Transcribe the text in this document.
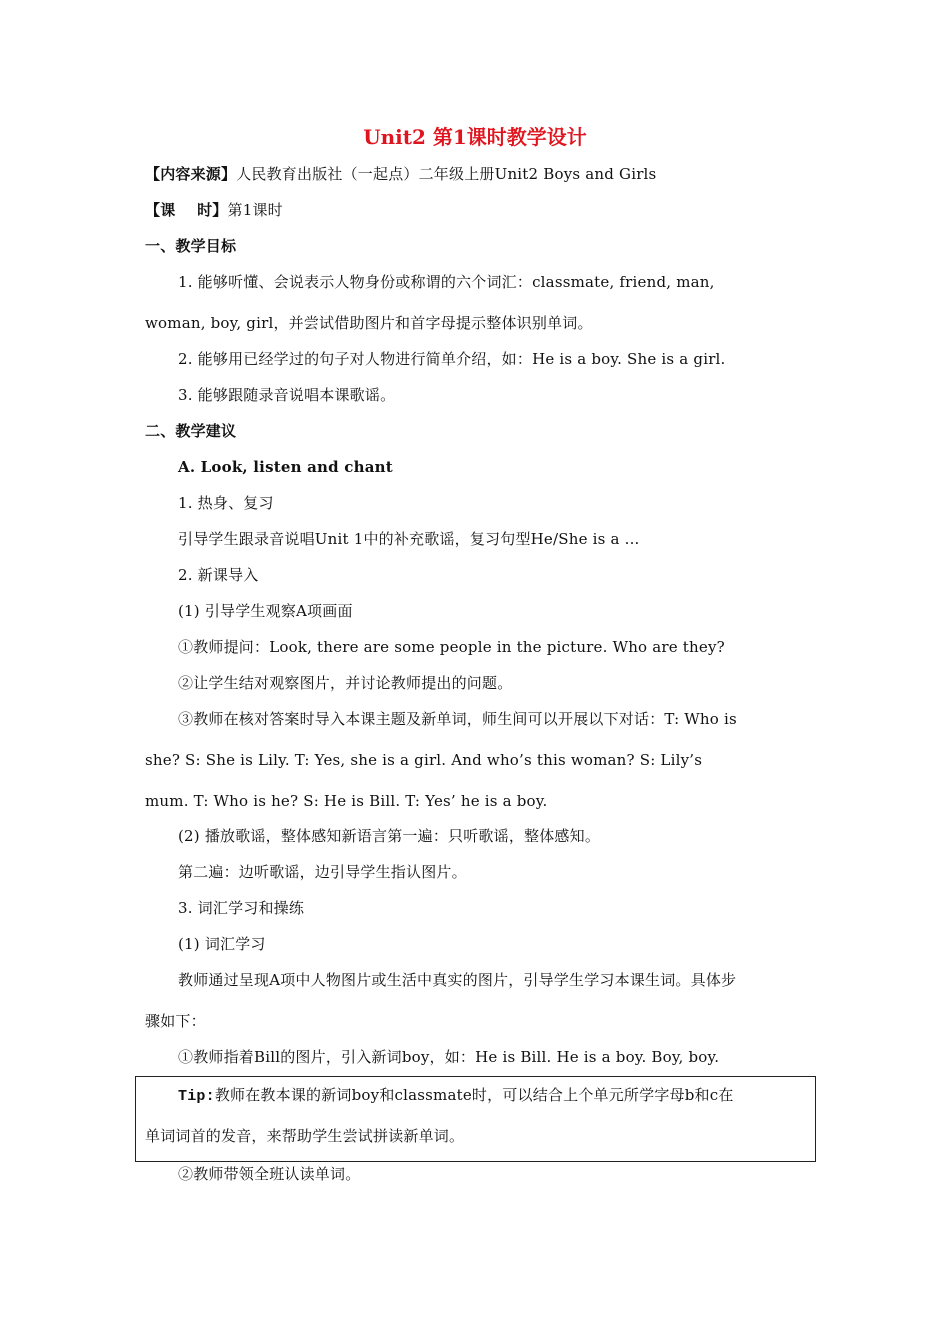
Unit2 第1课时教学设计
【内容来源】人民教育出版社（一起点）二年级上册Unit2 Boys and Girls
【课    时】第1课时
一、教学目标
1. 能够听懂、会说表示人物身份或称谓的六个词汇：classmate, friend, man,
woman, boy, girl，并尝试借助图片和首字母提示整体识别单词。
2. 能够用已经学过的句子对人物进行简单介绍，如：He is a boy. She is a girl.
3. 能够跟随录音说唱本课歌谣。
二、教学建议
A. Look, listen and chant
1. 热身、复习
引导学生跟录音说唱Unit 1中的补充歌谣，复习句型He/She is a ...
2. 新课导入
(1) 引导学生观察A项画面
①教师提问：Look, there are some people in the picture. Who are they?
②让学生结对观察图片，并讨论教师提出的问题。
③教师在核对答案时导入本课主题及新单词，师生间可以开展以下对话：T: Who is
she? S: She is Lily. T: Yes, she is a girl. And who’s this woman? S: Lily’s
mum. T: Who is he? S: He is Bill. T: Yes’ he is a boy.
(2) 播放歌谣，整体感知新语言第一遍：只听歌谣，整体感知。
第二遍：边听歌谣，边引导学生指认图片。
3. 词汇学习和操练
(1) 词汇学习
教师通过呈现A项中人物图片或生活中真实的图片，引导学生学习本课生词。具体步
骤如下：
①教师指着Bill的图片，引入新词boy，如：He is Bill. He is a boy. Boy, boy.
Tip:教师在教本课的新词boy和classmate时，可以结合上个单元所学字母b和c在
单词词首的发音，来帮助学生尝试拼读新单词。
②教师带领全班认读单词。
